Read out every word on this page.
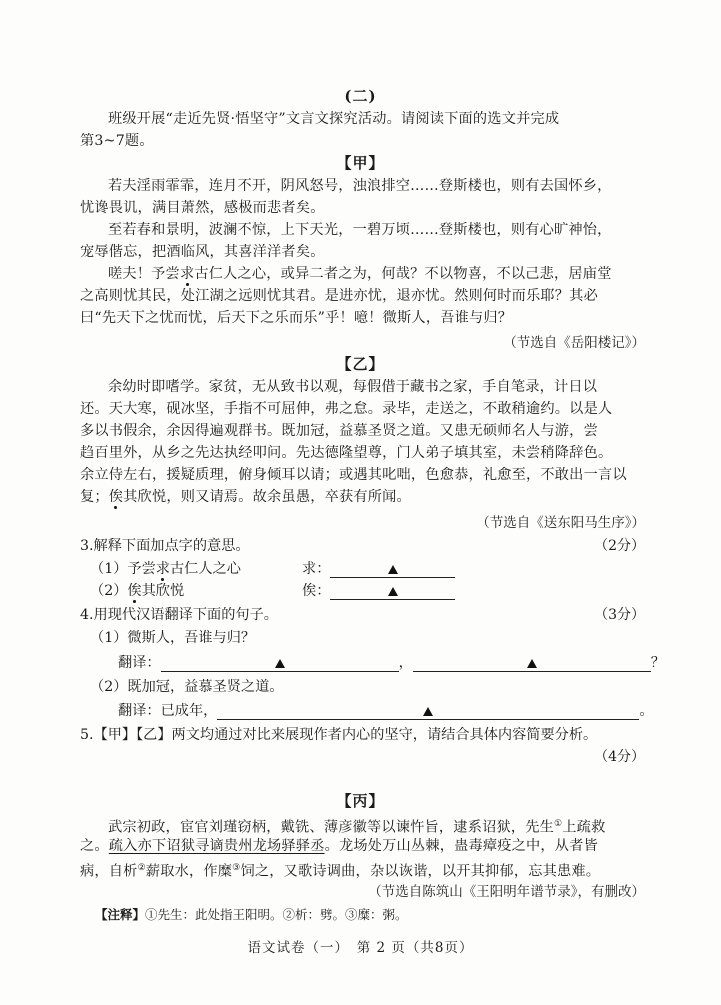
(二)
班级开展“走近先贤·悟坚守”文言文探究活动。请阅读下面的选文并完成
第3~7题。
【甲】
若夫淫雨霏霏，连月不开，阴风怒号，浊浪排空……登斯楼也，则有去国怀乡，
忧谗畏讥，满目萧然，感极而悲者矣。
至若春和景明，波澜不惊，上下天光，一碧万顷……登斯楼也，则有心旷神怡，
宠辱偕忘，把酒临风，其喜洋洋者矣。
嗟夫！予尝求古仁人之心，或异二者之为，何哉？不以物喜，不以己悲，居庙堂
之高则忧其民，处江湖之远则忧其君。是进亦忧，退亦忧。然则何时而乐耶？其必
曰“先天下之忧而忧，后天下之乐而乐”乎！噫！微斯人，吾谁与归？
（节选自《岳阳楼记》）
【乙】
余幼时即嗜学。家贫，无从致书以观，每假借于藏书之家，手自笔录，计日以
还。天大寒，砚冰坚，手指不可屈伸，弗之怠。录毕，走送之，不敢稍逾约。以是人
多以书假余，余因得遍观群书。既加冠，益慕圣贤之道。又患无硕师名人与游，尝
趋百里外，从乡之先达执经叩问。先达德隆望尊，门人弟子填其室，未尝稍降辞色。
余立侍左右，援疑质理，俯身倾耳以请；或遇其叱咄，色愈恭，礼愈至，不敢出一言以
复；俟其欣悦，则又请焉。故余虽愚，卒获有所闻。
（节选自《送东阳马生序》）
3.解释下面加点字的意思。	（2分）
（1）予尝求古仁人之心	求：
（2）俟其欣悦	俟：
4.用现代汉语翻译下面的句子。	（3分）
（1）微斯人，吾谁与归？
翻译：	，	？
（2）既加冠，益慕圣贤之道。
翻译：已成年，	。
5.【甲】【乙】两文均通过对比来展现作者内心的坚守，请结合具体内容简要分析。
（4分）
【丙】
武宗初政，宦官刘瑾窃柄，戴铣、薄彦徽等以谏忤旨，逮系诏狱，先生①上疏救
之。疏入亦下诏狱寻谪贵州龙场驿驿丞。龙场处万山丛棘，蛊毒瘴疫之中，从者皆
病，自析②薪取水，作糜③饲之，又歌诗调曲，杂以诙谐，以开其抑郁，忘其患难。
（节选自陈筑山《王阳明年谱节录》，有删改）
【注释】①先生：此处指王阳明。②析：劈。③糜：粥。
语文试卷（一）　第 2 页（共8页）
